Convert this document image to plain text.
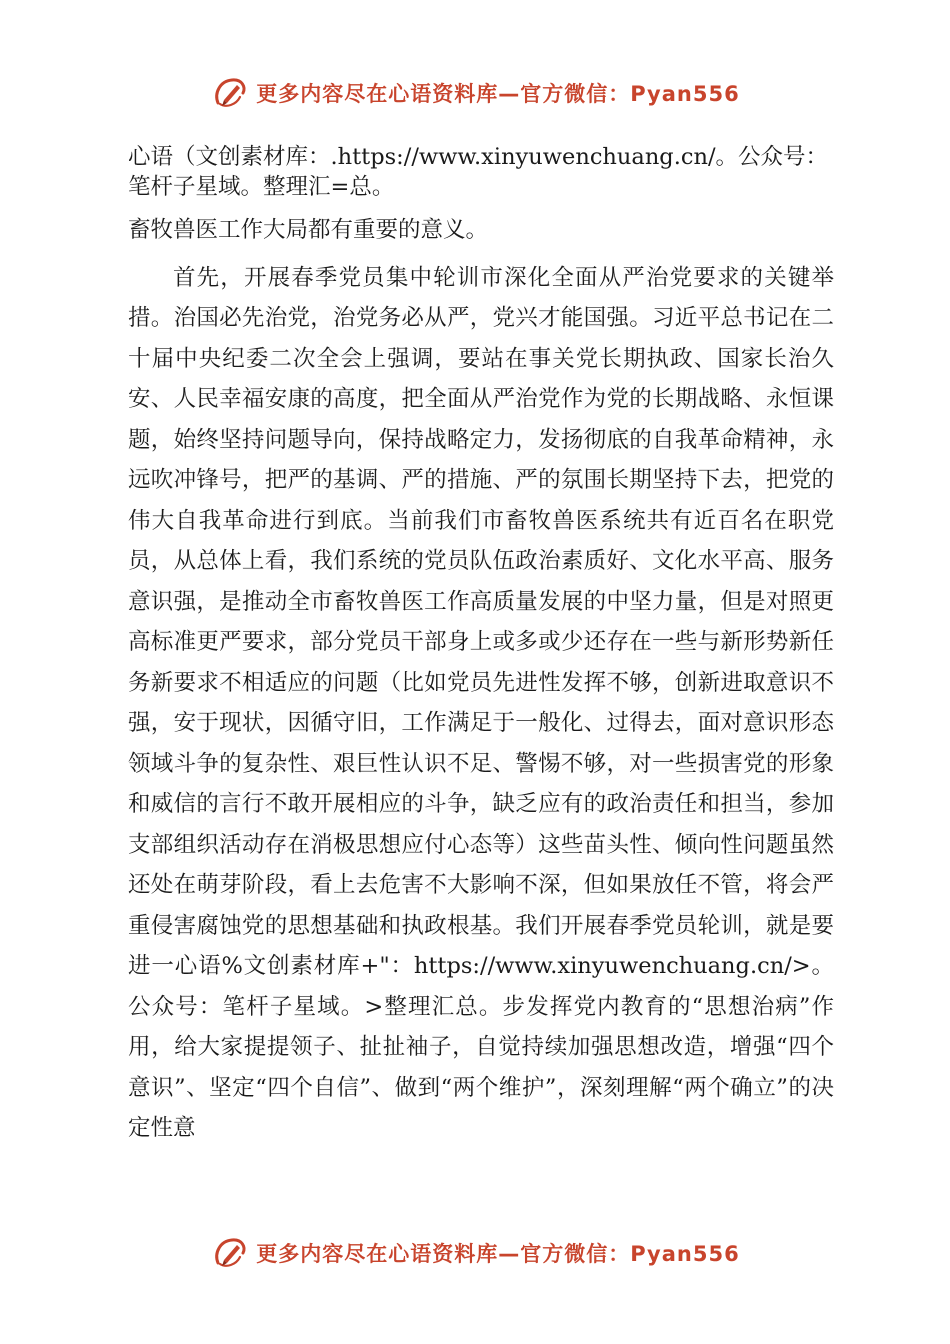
更多内容尽在心语资料库—官方微信：Pyan556

心语（文创素材库：.https://www.xinyuwenchuang.cn/。公众号：笔杆子星域。整理汇=总。

畜牧兽医工作大局都有重要的意义。

首先，开展春季党员集中轮训市深化全面从严治党要求的关键举措。治国必先治党，治党务必从严，党兴才能国强。习近平总书记在二十届中央纪委二次全会上强调，要站在事关党长期执政、国家长治久安、人民幸福安康的高度，把全面从严治党作为党的长期战略、永恒课题，始终坚持问题导向，保持战略定力，发扬彻底的自我革命精神，永远吹冲锋号，把严的基调、严的措施、严的氛围长期坚持下去，把党的伟大自我革命进行到底。当前我们市畜牧兽医系统共有近百名在职党员，从总体上看，我们系统的党员队伍政治素质好、文化水平高、服务意识强，是推动全市畜牧兽医工作高质量发展的中坚力量，但是对照更高标准更严要求，部分党员干部身上或多或少还存在一些与新形势新任务新要求不相适应的问题（比如党员先进性发挥不够，创新进取意识不强，安于现状，因循守旧，工作满足于一般化、过得去，面对意识形态领域斗争的复杂性、艰巨性认识不足、警惕不够，对一些损害党的形象和威信的言行不敢开展相应的斗争，缺乏应有的政治责任和担当，参加支部组织活动存在消极思想应付心态等）这些苗头性、倾向性问题虽然还处在萌芽阶段，看上去危害不大影响不深，但如果放任不管，将会严重侵害腐蚀党的思想基础和执政根基。我们开展春季党员轮训，就是要进一心语%文创素材库+"：https://www.xinyuwenchuang.cn/>。公众号：笔杆子星域。>整理汇总。步发挥党内教育的“思想治病”作用，给大家提提领子、扯扯袖子，自觉持续加强思想改造，增强“四个意识”、坚定“四个自信”、做到“两个维护”，深刻理解“两个确立”的决定性意

更多内容尽在心语资料库—官方微信：Pyan556
